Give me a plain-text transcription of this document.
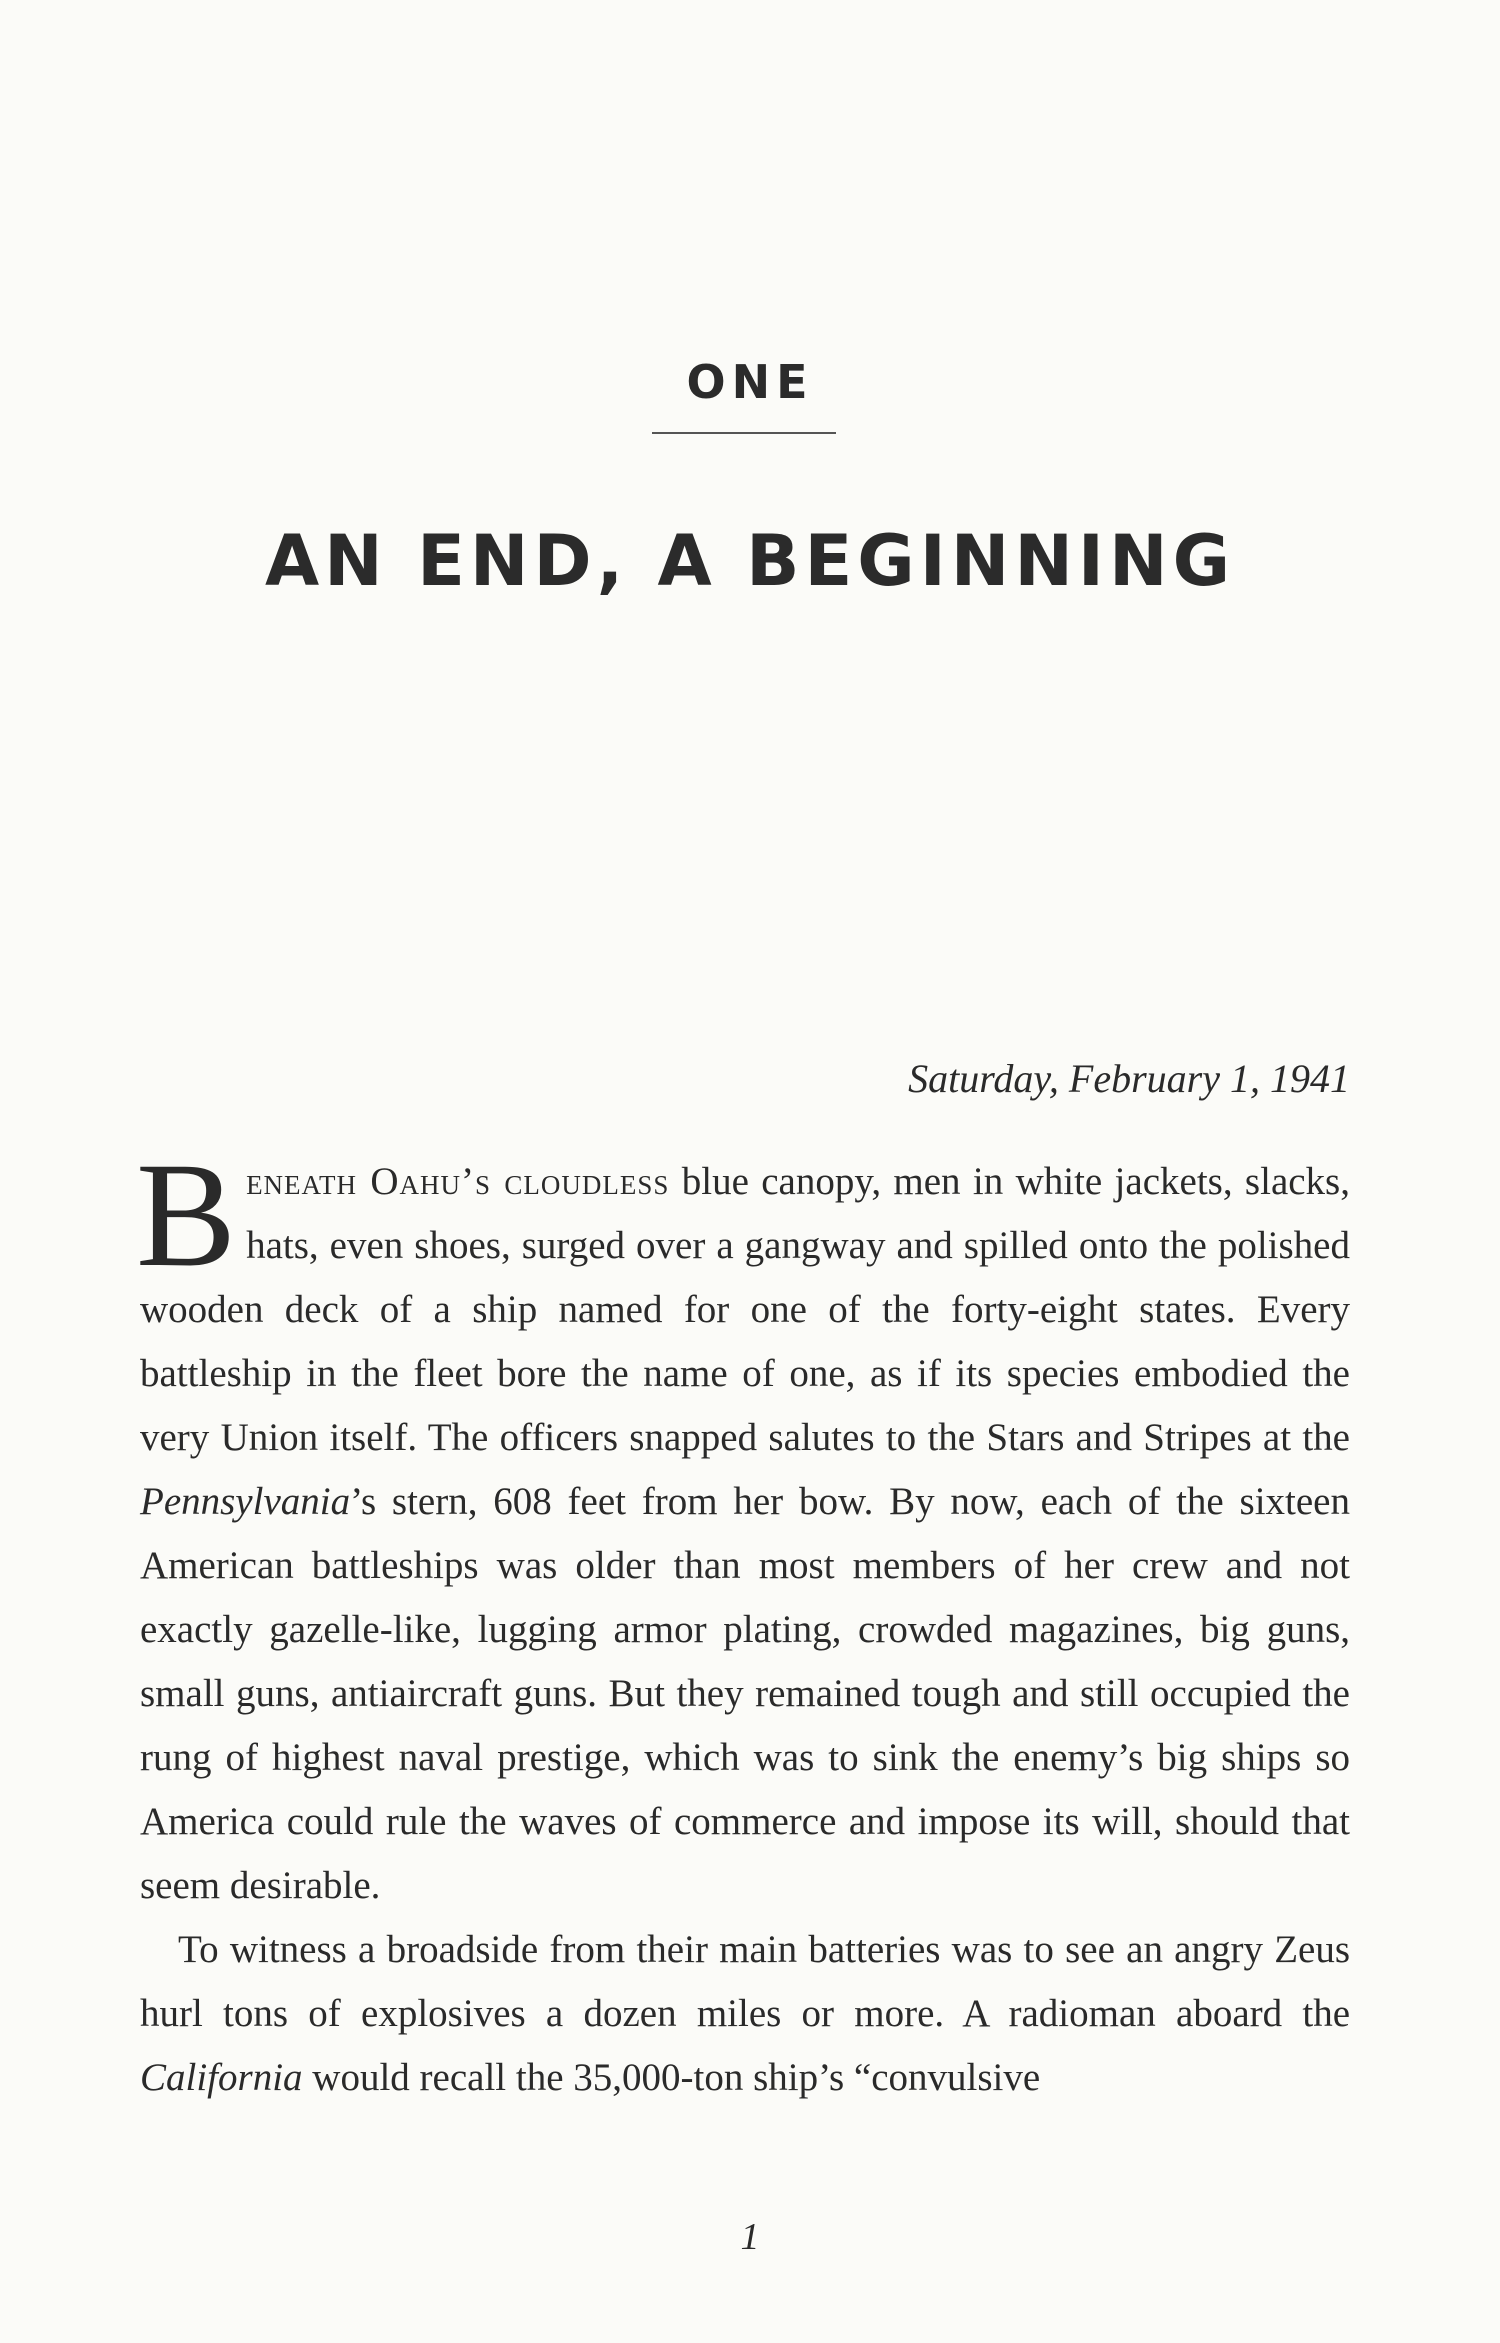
ONE
AN END, A BEGINNING
Saturday, February 1, 1941

Beneath Oahu’s cloudless blue canopy, men in white jackets, slacks, hats, even shoes, surged over a gangway and spilled onto the polished wooden deck of a ship named for one of the forty-eight states. Every battleship in the fleet bore the name of one, as if its species embodied the very Union itself. The officers snapped salutes to the Stars and Stripes at the Pennsylvania’s stern, 608 feet from her bow. By now, each of the sixteen American battleships was older than most members of her crew and not exactly gazelle-like, lugging armor plating, crowded magazines, big guns, small guns, antiaircraft guns. But they remained tough and still occupied the rung of highest naval prestige, which was to sink the enemy’s big ships so America could rule the waves of commerce and impose its will, should that seem desirable.

To witness a broadside from their main batteries was to see an angry Zeus hurl tons of explosives a dozen miles or more. A radioman aboard the California would recall the 35,000-ton ship’s “convulsive

1
